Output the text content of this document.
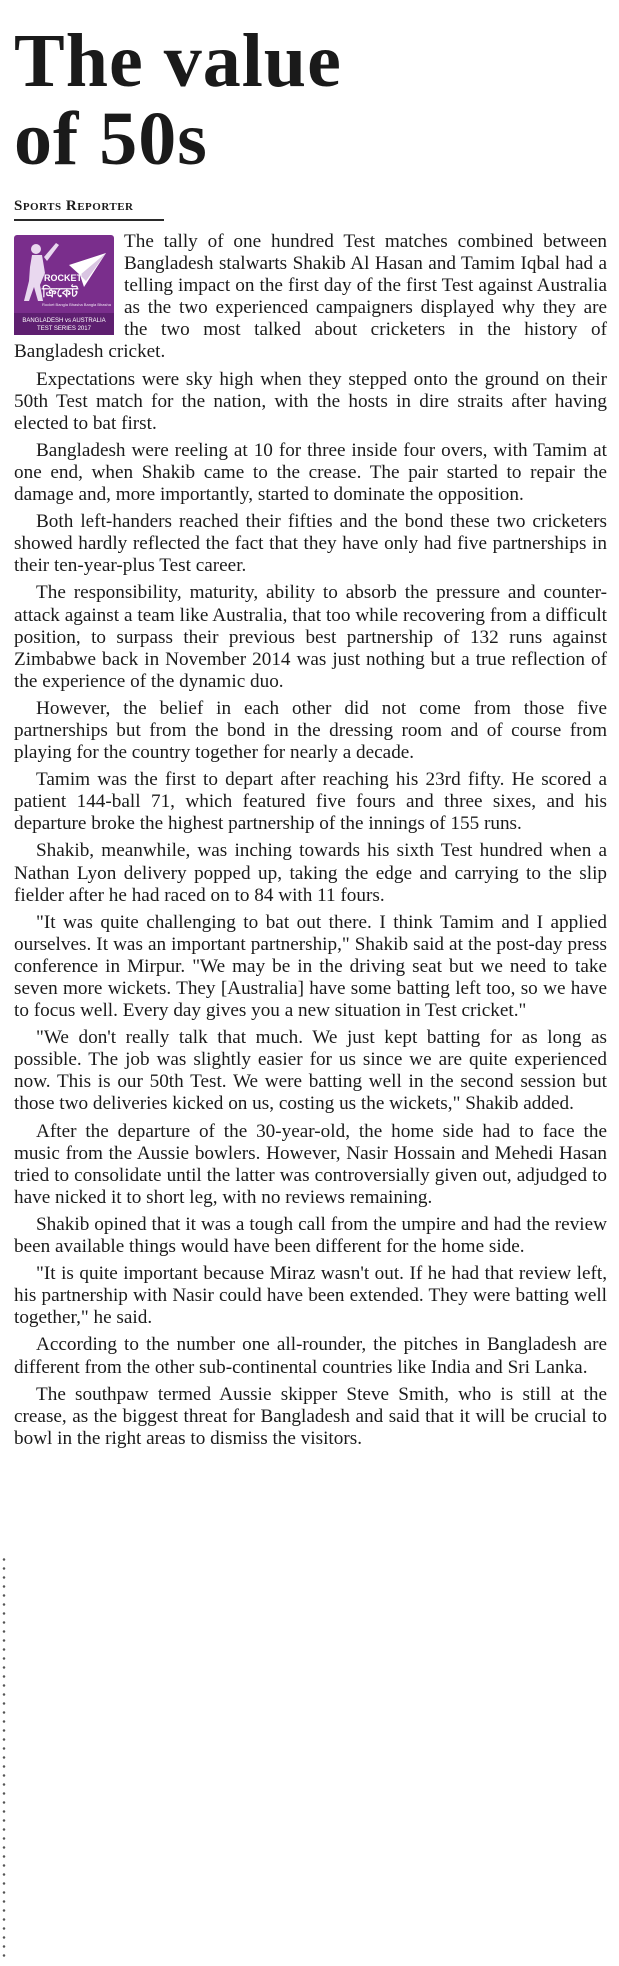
The value
of 50s
Sports Reporter
ROCKET
ক্রিকেট
Rocket Bangla Bhasha Bangla Bhasha
BANGLADESH vs AUSTRALIA
TEST SERIES 2017

The tally of one hundred Test matches combined between Bangladesh stalwarts Shakib Al Hasan and Tamim Iqbal had a telling impact on the first day of the first Test against Australia as the two experienced campaigners displayed why they are the two most talked about cricketers in the history of Bangladesh cricket.

Expectations were sky high when they stepped onto the ground on their 50th Test match for the nation, with the hosts in dire straits after having elected to bat first.

Bangladesh were reeling at 10 for three inside four overs, with Tamim at one end, when Shakib came to the crease. The pair started to repair the damage and, more importantly, started to dominate the opposition.

Both left-handers reached their fifties and the bond these two cricketers showed hardly reflected the fact that they have only had five partnerships in their ten-year-plus Test career.

The responsibility, maturity, ability to absorb the pressure and counter-attack against a team like Australia, that too while recovering from a difficult position, to surpass their previous best partnership of 132 runs against Zimbabwe back in November 2014 was just nothing but a true reflection of the experience of the dynamic duo.

However, the belief in each other did not come from those five partnerships but from the bond in the dressing room and of course from playing for the country together for nearly a decade.

Tamim was the first to depart after reaching his 23rd fifty. He scored a patient 144-ball 71, which featured five fours and three sixes, and his departure broke the highest partnership of the innings of 155 runs.

Shakib, meanwhile, was inching towards his sixth Test hundred when a Nathan Lyon delivery popped up, taking the edge and carrying to the slip fielder after he had raced on to 84 with 11 fours.

"It was quite challenging to bat out there. I think Tamim and I applied ourselves. It was an important partnership," Shakib said at the post-day press conference in Mirpur. "We may be in the driving seat but we need to take seven more wickets. They [Australia] have some batting left too, so we have to focus well. Every day gives you a new situation in Test cricket."

"We don't really talk that much. We just kept batting for as long as possible. The job was slightly easier for us since we are quite experienced now. This is our 50th Test. We were batting well in the second session but those two deliveries kicked on us, costing us the wickets," Shakib added.

After the departure of the 30-year-old, the home side had to face the music from the Aussie bowlers. However, Nasir Hossain and Mehedi Hasan tried to consolidate until the latter was controversially given out, adjudged to have nicked it to short leg, with no reviews remaining.

Shakib opined that it was a tough call from the umpire and had the review been available things would have been different for the home side.

"It is quite important because Miraz wasn't out. If he had that review left, his partnership with Nasir could have been extended. They were batting well together," he said.

According to the number one all-rounder, the pitches in Bangladesh are different from the other sub-continental countries like India and Sri Lanka.

The southpaw termed Aussie skipper Steve Smith, who is still at the crease, as the biggest threat for Bangladesh and said that it will be crucial to bowl in the right areas to dismiss the visitors.
